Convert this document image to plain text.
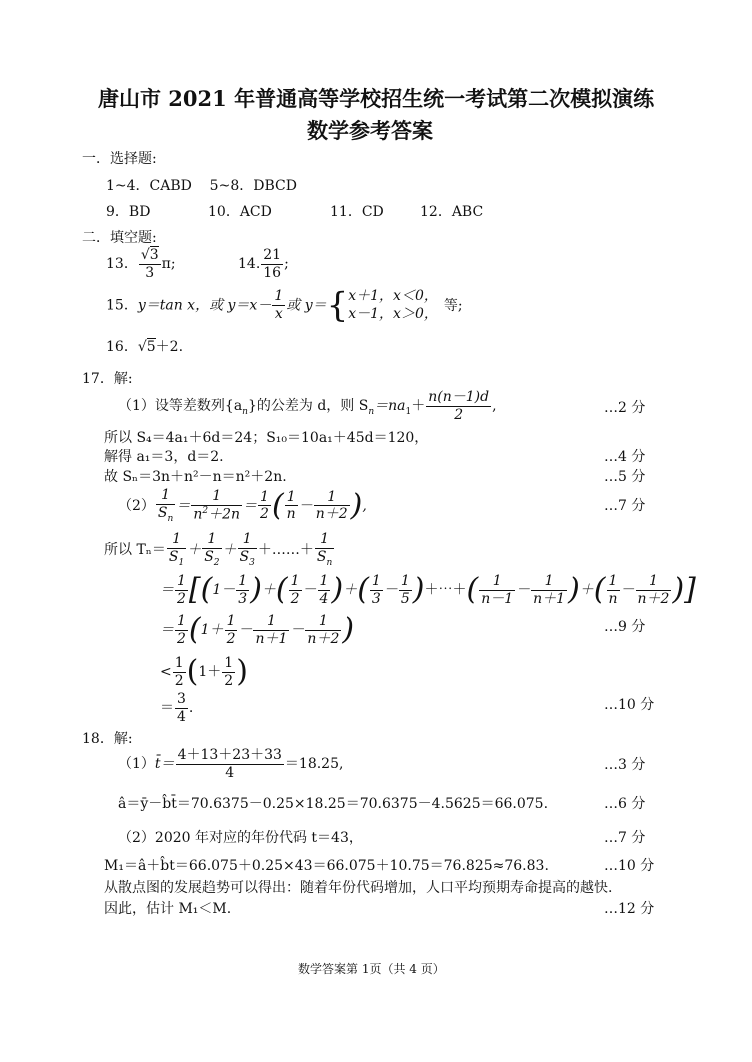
唐山市 2021 年普通高等学校招生统一考试第二次模拟演练
数学参考答案
一．选择题:
1~4．CABD    5~8．DBCD
9．BD	10．ACD	11．CD	12．ABC
二．填空题:
13． $\frac{√3}{3} \pi$;	14. $\frac{21}{16}$ ;
15．y＝tan x，或 $y=x- \frac{1}{x}$ 或 y＝{ x＋1，x＜0，
x－1，x＞0， 等;
16．√5＋2.
17．解:
（1）设等差数列$\{a_n\}$的公差为 d，则 $S_n=na_1+ \frac{n(n-1)d}{2}$ ,	…2 分
所以 S₄＝4a₁＋6d＝24；S₁₀＝10a₁＋45d＝120，
解得 a₁＝3，d＝2.	…4 分
故 Sₙ＝3n＋n²－n＝n²＋2n.	…5 分
$(2) \frac{1}{S_n} = \frac{1}{n^2+2n} = \frac{1}{2}$ ( $\frac{1}{n} - \frac{1}{n+2}$ ),	…7 分
所以 $T_n= \frac{1}{S_1} + \frac{1}{S_2} + \frac{1}{S_3}$ ＋……＋ $\frac{1}{S_n}$
＝ $\frac{1}{2} [(1- \frac{1}{3}$ )＋( $\frac{1}{2} - \frac{1}{4}$ )＋( $\frac{1}{3} - \frac{1}{5}$ )＋⋯＋( $\frac{1}{n-1} - \frac{1}{n+1}$ )＋( $\frac{1}{n} - \frac{1}{n+2}$ )]
＝ $\frac{1}{2} (1+ \frac{1}{2} - \frac{1}{n+1} - \frac{1}{n+2}$ )	…9 分
< $\frac{1}{2} (1+ \frac{1}{2}$ )
＝ $\frac{3}{4}$ .	…10 分
18．解:
（1）t̄＝ $\frac{4+13+23+33}{4} =18.25$,	…3 分
â＝ȳ－b̂t̄＝70.6375－0.25×18.25＝70.6375－4.5625＝66.075.	…6 分
（2）2020 年对应的年份代码 t＝43，	…7 分
M₁＝â＋b̂t＝66.075＋0.25×43＝66.075＋10.75＝76.825≈76.83.	…10 分
从散点图的发展趋势可以得出：随着年份代码增加，人口平均预期寿命提高的越快.
因此，估计 M₁＜M.	…12 分
数学答案第 1页（共 4 页）
